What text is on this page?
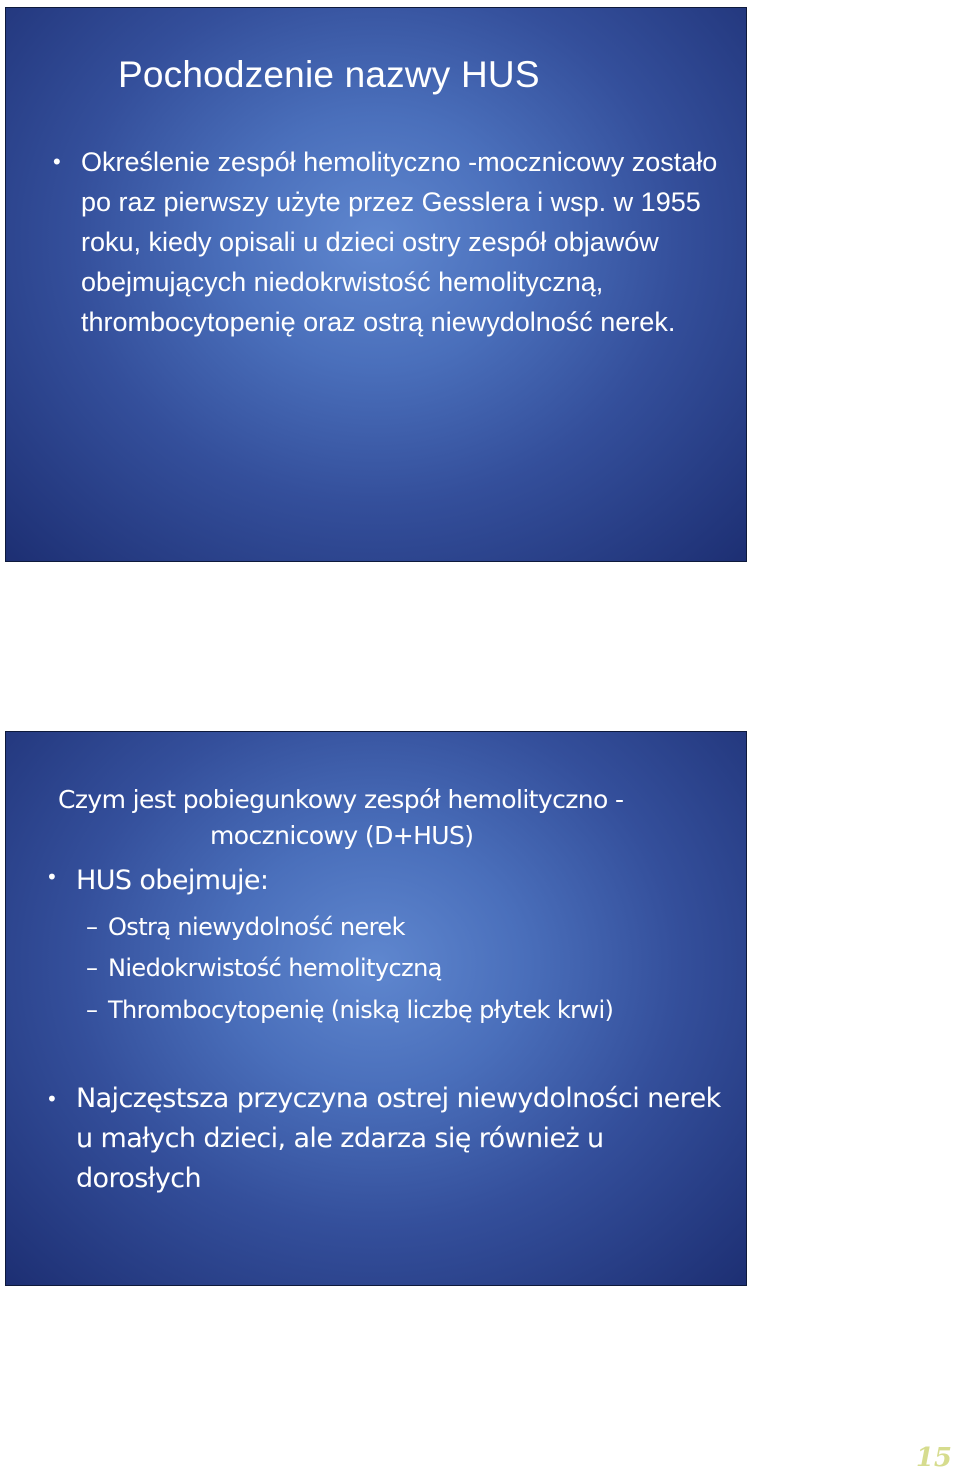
Pochodzenie nazwy HUS
• Określenie zespół hemolityczno -mocznicowy zostało po raz pierwszy użyte przez Gesslera i wsp. w 1955 roku, kiedy opisali u dzieci ostry zespół objawów obejmujących niedokrwistość hemolityczną, thrombocytopenię oraz ostrą niewydolność nerek.
Czym jest pobiegunkowy zespół hemolityczno -
mocznicowy (D+HUS)
• HUS obejmuje:
– Ostrą niewydolność nerek
– Niedokrwistość hemolityczną
– Thrombocytopenię (niską liczbę płytek krwi)
• Najczęstsza przyczyna ostrej niewydolności nerek u małych dzieci, ale zdarza się również u dorosłych
15
